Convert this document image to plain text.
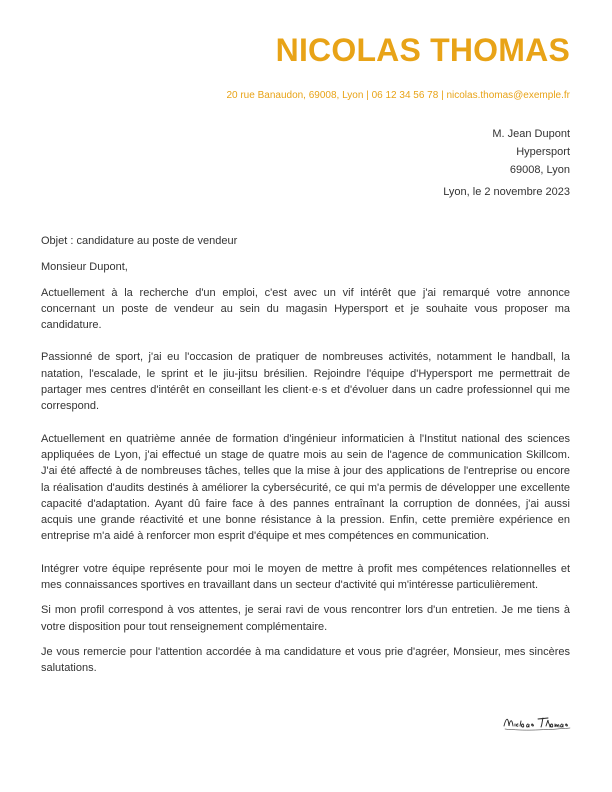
NICOLAS THOMAS
20 rue Banaudon, 69008, Lyon | 06 12 34 56 78 | nicolas.thomas@exemple.fr
M. Jean Dupont
Hypersport
69008, Lyon
Lyon, le 2 novembre 2023

Objet : candidature au poste de vendeur

Monsieur Dupont,

Actuellement à la recherche d'un emploi, c'est avec un vif intérêt que j'ai remarqué votre annonce concernant un poste de vendeur au sein du magasin Hypersport et je souhaite vous proposer ma candidature.

Passionné de sport, j'ai eu l'occasion de pratiquer de nombreuses activités, notamment le handball, la natation, l'escalade, le sprint et le jiu-jitsu brésilien. Rejoindre l'équipe d'Hypersport me permettrait de partager mes centres d'intérêt en conseillant les client·e·s et d'évoluer dans un cadre professionnel qui me correspond.

Actuellement en quatrième année de formation d'ingénieur informaticien à l'Institut national des sciences appliquées de Lyon, j'ai effectué un stage de quatre mois au sein de l'agence de communication Skillcom. J'ai été affecté à de nombreuses tâches, telles que la mise à jour des applications de l'entreprise ou encore la réalisation d'audits destinés à améliorer la cybersécurité, ce qui m'a permis de développer une excellente capacité d'adaptation. Ayant dû faire face à des pannes entraînant la corruption de données, j'ai aussi acquis une grande réactivité et une bonne résistance à la pression. Enfin, cette première expérience en entreprise m'a aidé à renforcer mon esprit d'équipe et mes compétences en communication.

Intégrer votre équipe représente pour moi le moyen de mettre à profit mes compétences relationnelles et mes connaissances sportives en travaillant dans un secteur d'activité qui m'intéresse particulièrement.

Si mon profil correspond à vos attentes, je serai ravi de vous rencontrer lors d'un entretien. Je me tiens à votre disposition pour tout renseignement complémentaire.

Je vous remercie pour l'attention accordée à ma candidature et vous prie d'agréer, Monsieur, mes sincères salutations.
